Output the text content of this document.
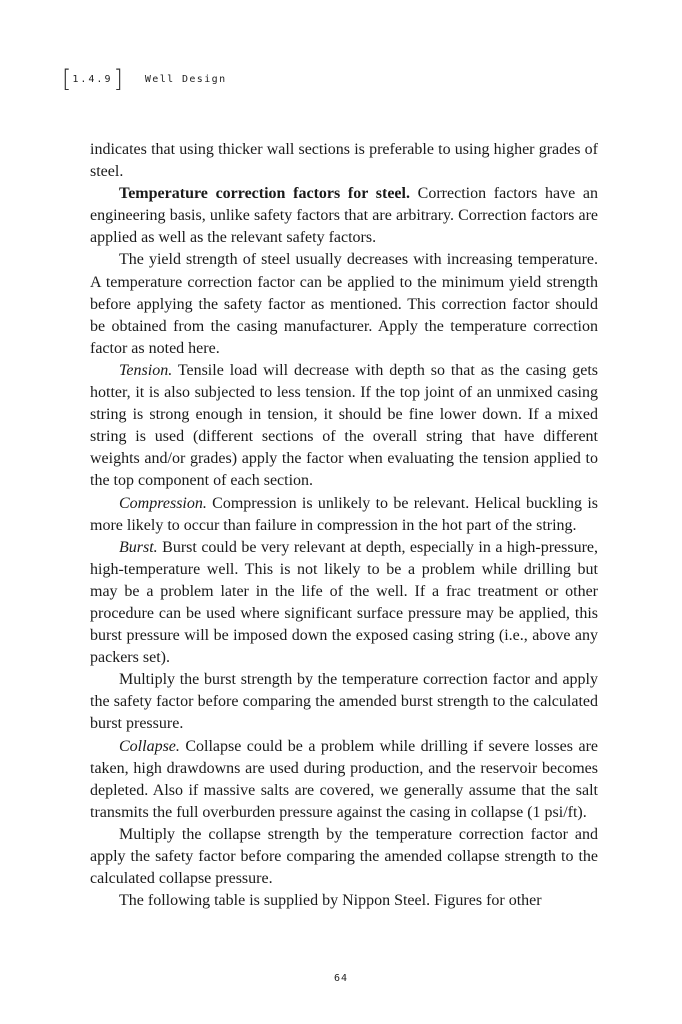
[ 1.4.9 ] Well Design

indicates that using thicker wall sections is preferable to using higher grades of steel.

Temperature correction factors for steel. Correction factors have an engineering basis, unlike safety factors that are arbitrary. Correction factors are applied as well as the relevant safety factors.

The yield strength of steel usually decreases with increasing temperature. A temperature correction factor can be applied to the minimum yield strength before applying the safety factor as mentioned. This correction factor should be obtained from the casing manufacturer. Apply the temperature correction factor as noted here.

Tension. Tensile load will decrease with depth so that as the casing gets hotter, it is also subjected to less tension. If the top joint of an unmixed casing string is strong enough in tension, it should be fine lower down. If a mixed string is used (different sections of the overall string that have different weights and/or grades) apply the factor when evaluating the tension applied to the top component of each section.

Compression. Compression is unlikely to be relevant. Helical buckling is more likely to occur than failure in compression in the hot part of the string.

Burst. Burst could be very relevant at depth, especially in a high-pressure, high-temperature well. This is not likely to be a problem while drilling but may be a problem later in the life of the well. If a frac treatment or other procedure can be used where significant surface pressure may be applied, this burst pressure will be imposed down the exposed casing string (i.e., above any packers set).

Multiply the burst strength by the temperature correction factor and apply the safety factor before comparing the amended burst strength to the calculated burst pressure.

Collapse. Collapse could be a problem while drilling if severe losses are taken, high drawdowns are used during production, and the reservoir becomes depleted. Also if massive salts are covered, we generally assume that the salt transmits the full overburden pressure against the casing in collapse (1 psi/ft).

Multiply the collapse strength by the temperature correction factor and apply the safety factor before comparing the amended collapse strength to the calculated collapse pressure.

The following table is supplied by Nippon Steel. Figures for other

64
